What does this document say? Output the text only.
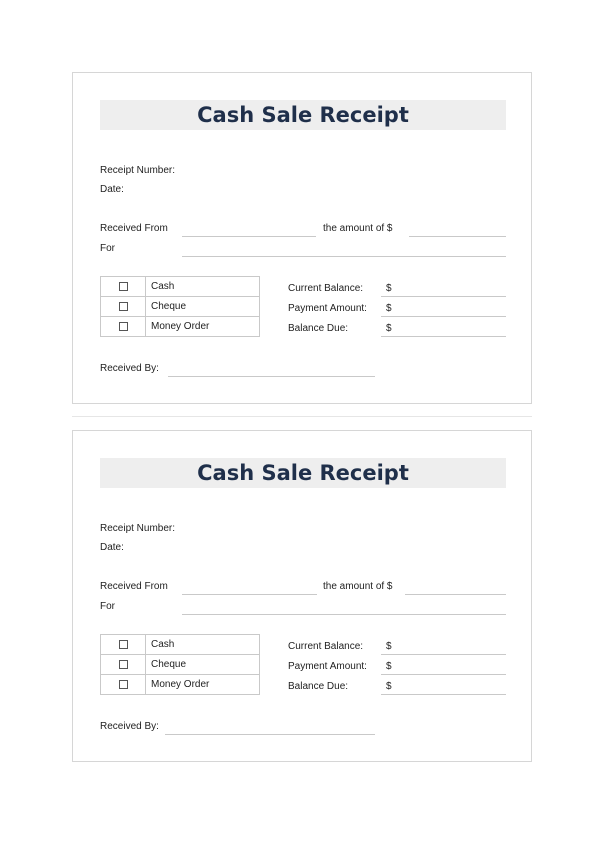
Cash Sale Receipt
Receipt Number:
Date:
Received From	the amount of $
For
	Cash
	Cheque
	Money Order
Current Balance: $
Payment Amount: $
Balance Due:	$
Received By:
Cash Sale Receipt
Receipt Number:
Date:
Received From	the amount of $
For
	Cash
	Cheque
	Money Order
Current Balance: $
Payment Amount: $
Balance Due:	$
Received By:
